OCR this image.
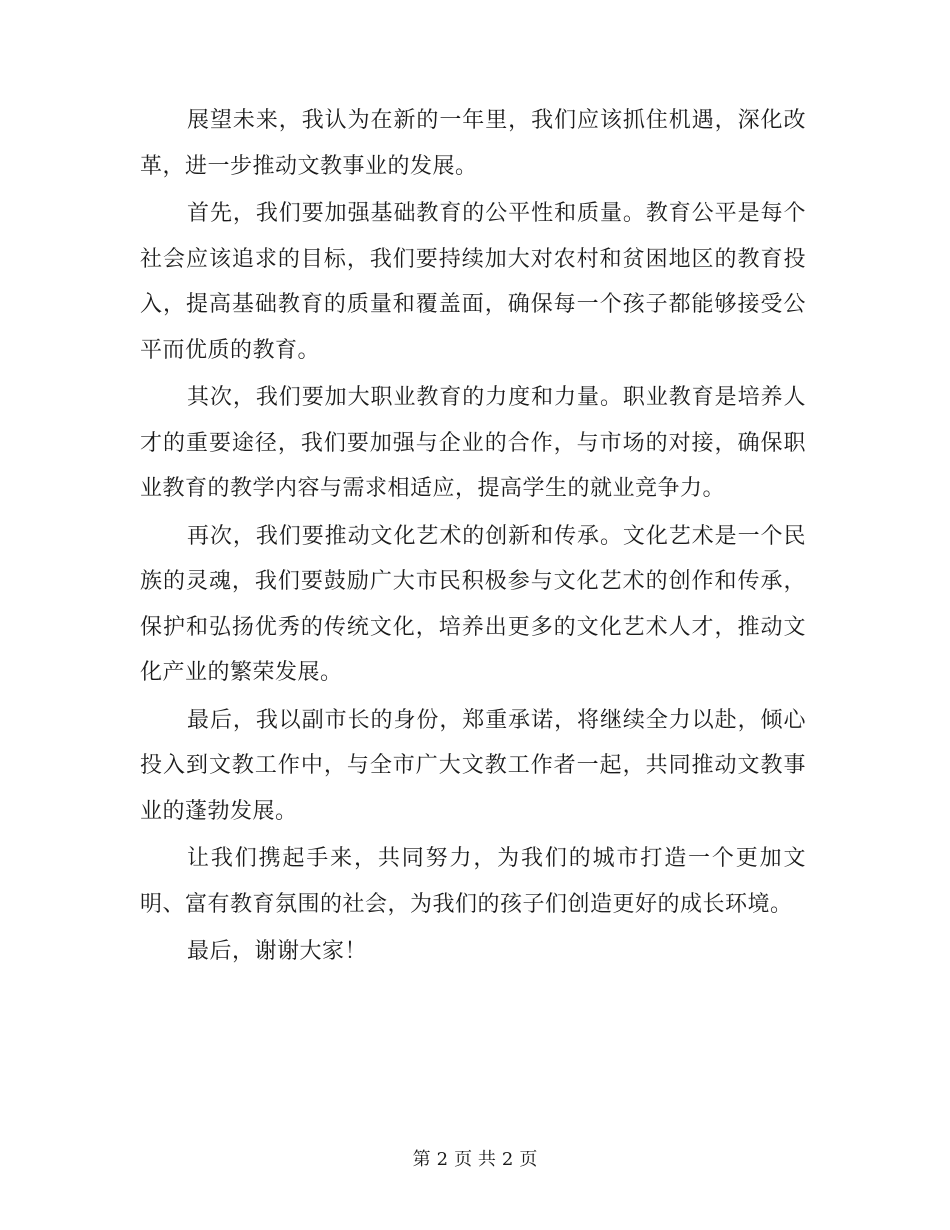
展望未来，我认为在新的一年里，我们应该抓住机遇，深化改革，进一步推动文教事业的发展。

首先，我们要加强基础教育的公平性和质量。教育公平是每个社会应该追求的目标，我们要持续加大对农村和贫困地区的教育投入，提高基础教育的质量和覆盖面，确保每一个孩子都能够接受公平而优质的教育。

其次，我们要加大职业教育的力度和力量。职业教育是培养人才的重要途径，我们要加强与企业的合作，与市场的对接，确保职业教育的教学内容与需求相适应，提高学生的就业竞争力。

再次，我们要推动文化艺术的创新和传承。文化艺术是一个民族的灵魂，我们要鼓励广大市民积极参与文化艺术的创作和传承，保护和弘扬优秀的传统文化，培养出更多的文化艺术人才，推动文化产业的繁荣发展。

最后，我以副市长的身份，郑重承诺，将继续全力以赴，倾心投入到文教工作中，与全市广大文教工作者一起，共同推动文教事业的蓬勃发展。

让我们携起手来，共同努力，为我们的城市打造一个更加文明、富有教育氛围的社会，为我们的孩子们创造更好的成长环境。

最后，谢谢大家！

第 2 页 共 2 页
